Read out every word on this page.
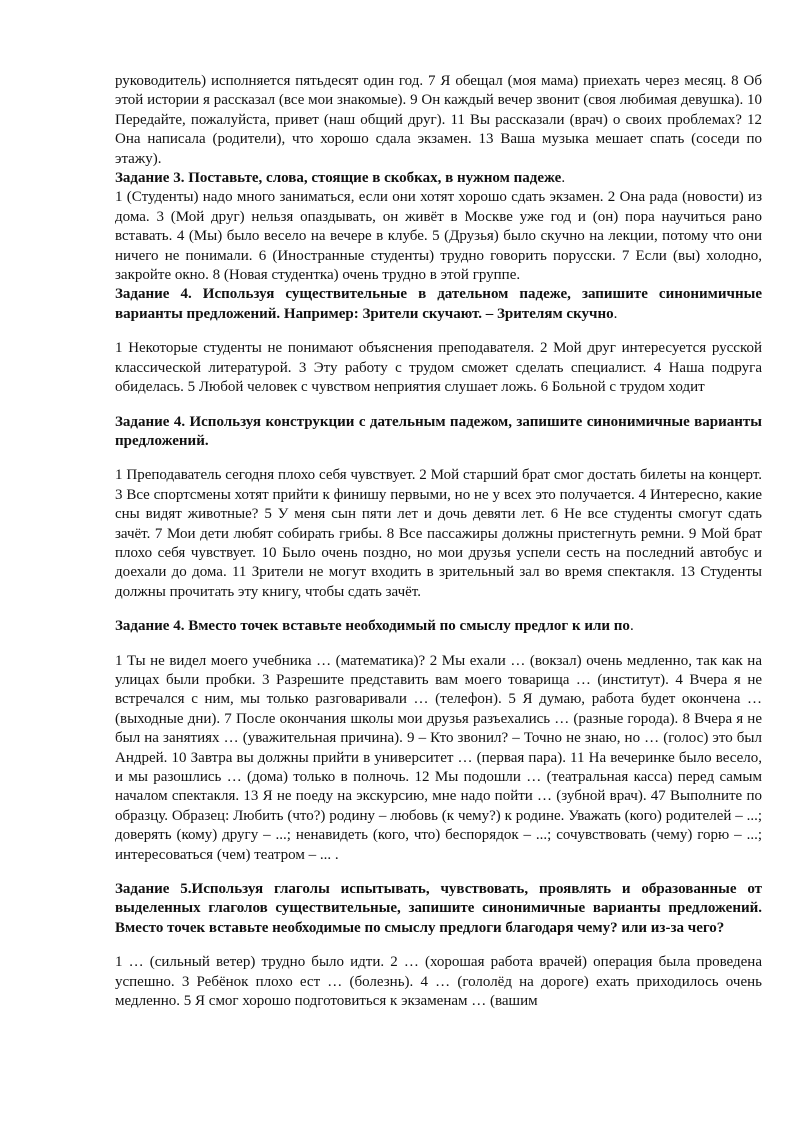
руководитель) исполняется пятьдесят один год. 7 Я обещал (моя мама) приехать через месяц. 8 Об этой истории я рассказал (все мои знакомые). 9 Он каждый вечер звонит (своя любимая девушка). 10 Передайте, пожалуйста, привет (наш общий друг). 11 Вы рассказали (врач) о своих проблемах? 12 Она написала (родители), что хорошо сдала экзамен. 13 Ваша музыка мешает спать (соседи по этажу).

Задание 3. Поставьте, слова, стоящие в скобках, в нужном падеже.

1 (Студенты) надо много заниматься, если они хотят хорошо сдать экзамен. 2 Она рада (новости) из дома. 3 (Мой друг) нельзя опаздывать, он живёт в Москве уже год и (он) пора научиться рано вставать. 4 (Мы) было весело на вечере в клубе. 5 (Друзья) было скучно на лекции, потому что они ничего не понимали. 6 (Иностранные студенты) трудно говорить порусски. 7 Если (вы) холодно, закройте окно. 8 (Новая студентка) очень трудно в этой группе.

Задание 4. Используя существительные в дательном падеже, запишите синонимичные варианты предложений. Например: Зрители скучают. – Зрителям скучно.

1 Некоторые студенты не понимают объяснения преподавателя. 2 Мой друг интересуется русской классической литературой. 3 Эту работу с трудом сможет сделать специалист. 4 Наша подруга обиделась. 5 Любой человек с чувством неприятия слушает ложь. 6 Больной с трудом ходит

Задание 4. Используя конструкции с дательным падежом, запишите синонимичные варианты предложений.

1 Преподаватель сегодня плохо себя чувствует. 2 Мой старший брат смог достать билеты на концерт. 3 Все спортсмены хотят прийти к финишу первыми, но не у всех это получается. 4 Интересно, какие сны видят животные? 5 У меня сын пяти лет и дочь девяти лет. 6 Не все студенты смогут сдать зачёт. 7 Мои дети любят собирать грибы. 8 Все пассажиры должны пристегнуть ремни. 9 Мой брат плохо себя чувствует. 10 Было очень поздно, но мои друзья успели сесть на последний автобус и доехали до дома. 11 Зрители не могут входить в зрительный зал во время спектакля. 13 Студенты должны прочитать эту книгу, чтобы сдать зачёт.

Задание 4. Вместо точек вставьте необходимый по смыслу предлог к или по.

1 Ты не видел моего учебника … (математика)? 2 Мы ехали … (вокзал) очень медленно, так как на улицах были пробки. 3 Разрешите представить вам моего товарища … (институт). 4 Вчера я не встречался с ним, мы только разговаривали … (телефон). 5 Я думаю, работа будет окончена … (выходные дни). 7 После окончания школы мои друзья разъехались … (разные города). 8 Вчера я не был на занятиях … (уважительная причина). 9 – Кто звонил? – Точно не знаю, но … (голос) это был Андрей. 10 Завтра вы должны прийти в университет … (первая пара). 11 На вечеринке было весело, и мы разошлись … (дома) только в полночь. 12 Мы подошли … (театральная касса) перед самым началом спектакля. 13 Я не поеду на экскурсию, мне надо пойти … (зубной врач). 47 Выполните по образцу. Образец: Любить (что?) родину – любовь (к чему?) к родине. Уважать (кого) родителей – ...; доверять (кому) другу – ...; ненавидеть (кого, что) беспорядок – ...; сочувствовать (чему) горю – ...; интересоваться (чем) театром – ... .

Задание 5.Используя глаголы испытывать, чувствовать, проявлять и образованные от выделенных глаголов существительные, запишите синонимичные варианты предложений. Вместо точек вставьте необходимые по смыслу предлоги благодаря чему? или из-за чего?

1 … (сильный ветер) трудно было идти. 2 … (хорошая работа врачей) операция была проведена успешно. 3 Ребёнок плохо ест … (болезнь). 4 … (гололёд на дороге) ехать приходилось очень медленно. 5 Я смог хорошо подготовиться к экзаменам … (вашим
